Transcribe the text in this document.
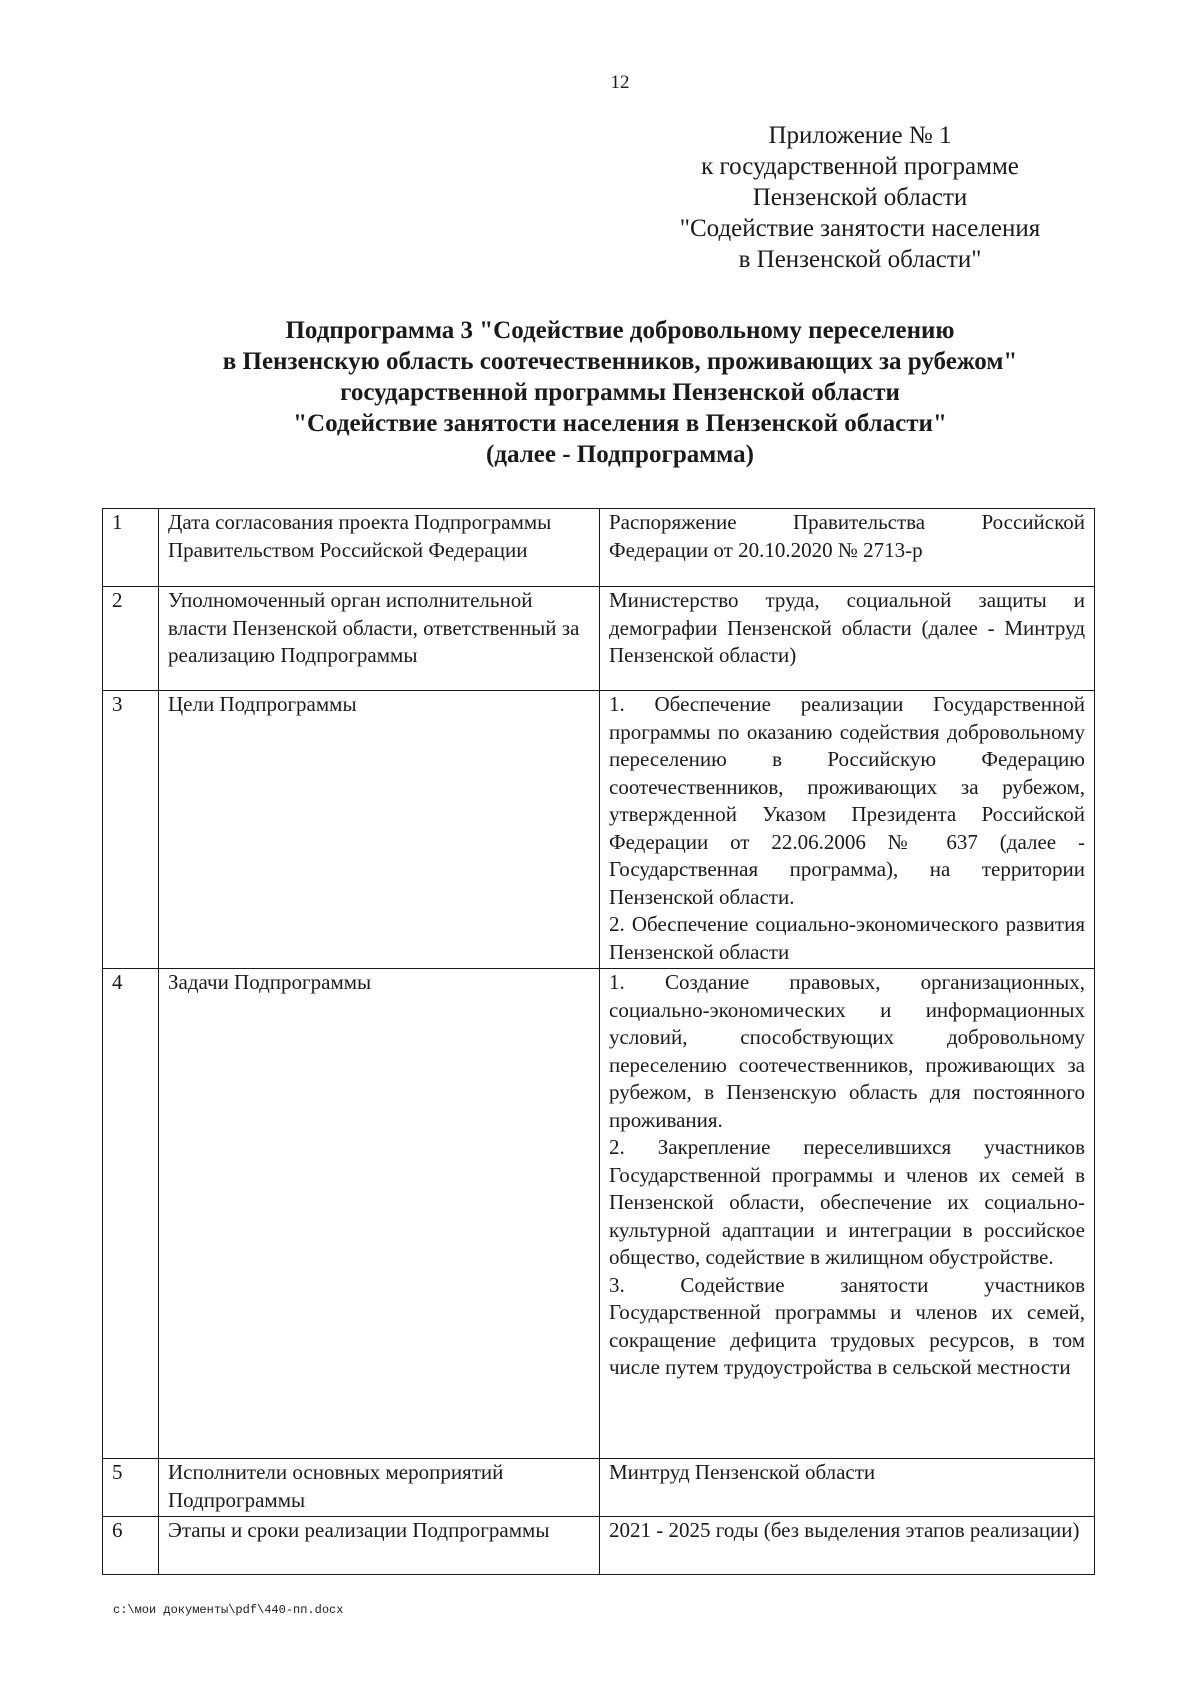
12
Приложение № 1
к государственной программе
Пензенской области
"Содействие занятости населения
в Пензенской области"
Подпрограмма 3 "Содействие добровольному переселению
в Пензенскую область соотечественников, проживающих за рубежом"
государственной программы Пензенской области
"Содействие занятости населения в Пензенской области"
(далее - Подпрограмма)
1	Дата согласования проекта Подпрограммы Правительством Российской Федерации	Распоряжение Правительства Российской Федерации от 20.10.2020 № 2713-р

2	Уполномоченный орган исполнительной власти Пензенской области, ответственный за реализацию Подпрограммы	Министерство труда, социальной защиты и демографии Пензенской области (далее - Минтруд Пензенской области)

3	Цели Подпрограммы	1. Обеспечение реализации Государственной программы по оказанию содействия добровольному переселению в Российскую Федерацию соотечественников, проживающих за рубежом, утвержденной Указом Президента Российской Федерации от 22.06.2006 № 637 (далее - Государственная программа), на территории Пензенской области.

2. Обеспечение социально-экономического развития Пензенской области

4	Задачи Подпрограммы	1. Создание правовых, организационных, социально-экономических и информационных условий, способствующих добровольному переселению соотечественников, проживающих за рубежом, в Пензенскую область для постоянного проживания.

2. Закрепление переселившихся участников Государственной программы и членов их семей в Пензенской области, обеспечение их социально-культурной адаптации и интеграции в российское общество, содействие в жилищном обустройстве.

3. Содействие занятости участников Государственной программы и членов их семей, сокращение дефицита трудовых ресурсов, в том числе путем трудоустройства в сельской местности

5	Исполнители основных мероприятий Подпрограммы	Минтруд Пензенской области

6	Этапы и сроки реализации Подпрограммы	2021 - 2025 годы (без выделения этапов реализации)

c:\мои документы\pdf\440-пп.docx
